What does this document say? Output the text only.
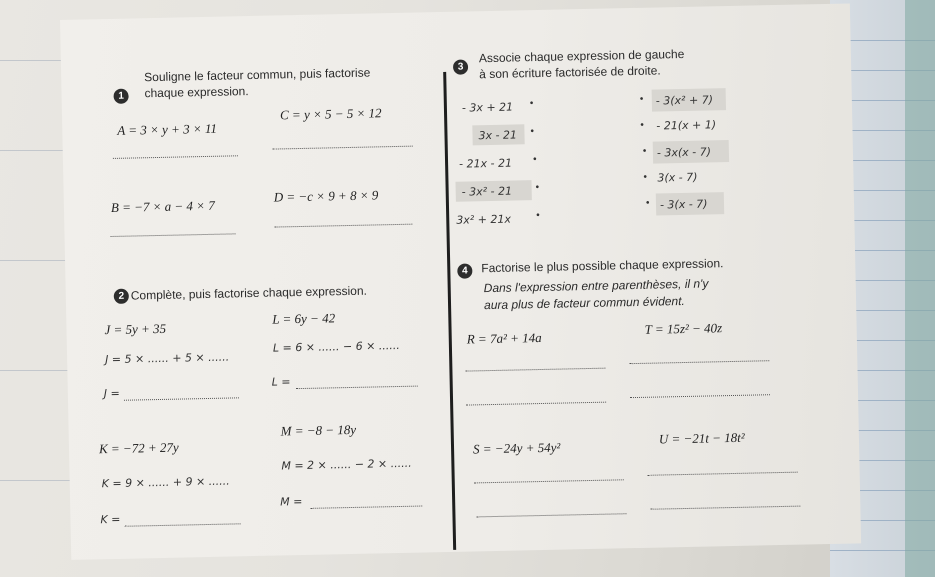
1
Souligne le facteur commun, puis factorise
chaque expression.
A = 3 × y + 3 × 11
C = y × 5 − 5 × 12
B = −7 × a − 4 × 7
D = −c × 9 + 8 × 9
2 Complète, puis factorise chaque expression.
J = 5y + 35
L = 6y − 42
J = 5 × ...... + 5 × ......
L = 6 × ...... − 6 × ......
J =
L =
K = −72 + 27y
M = −8 − 18y
K = 9 × ...... + 9 × ......
M = 2 × ...... − 2 × ......
K =
M =
3
Associe chaque expression de gauche
à son écriture factorisée de droite.
- 3x + 21 •
3x - 21 •
- 21x - 21 •
- 3x² - 21 •
3x² + 21x	•
• - 3(x² + 7)
• - 21(x + 1)
• - 3x(x - 7)
• 3(x - 7)
• - 3(x - 7)
4	Factorise le plus possible chaque expression.
Dans l'expression entre parenthèses, il n'y
aura plus de facteur commun évident.
R = 7a² + 14a
T = 15z² − 40z
S = −24y + 54y²
U = −21t − 18t²
